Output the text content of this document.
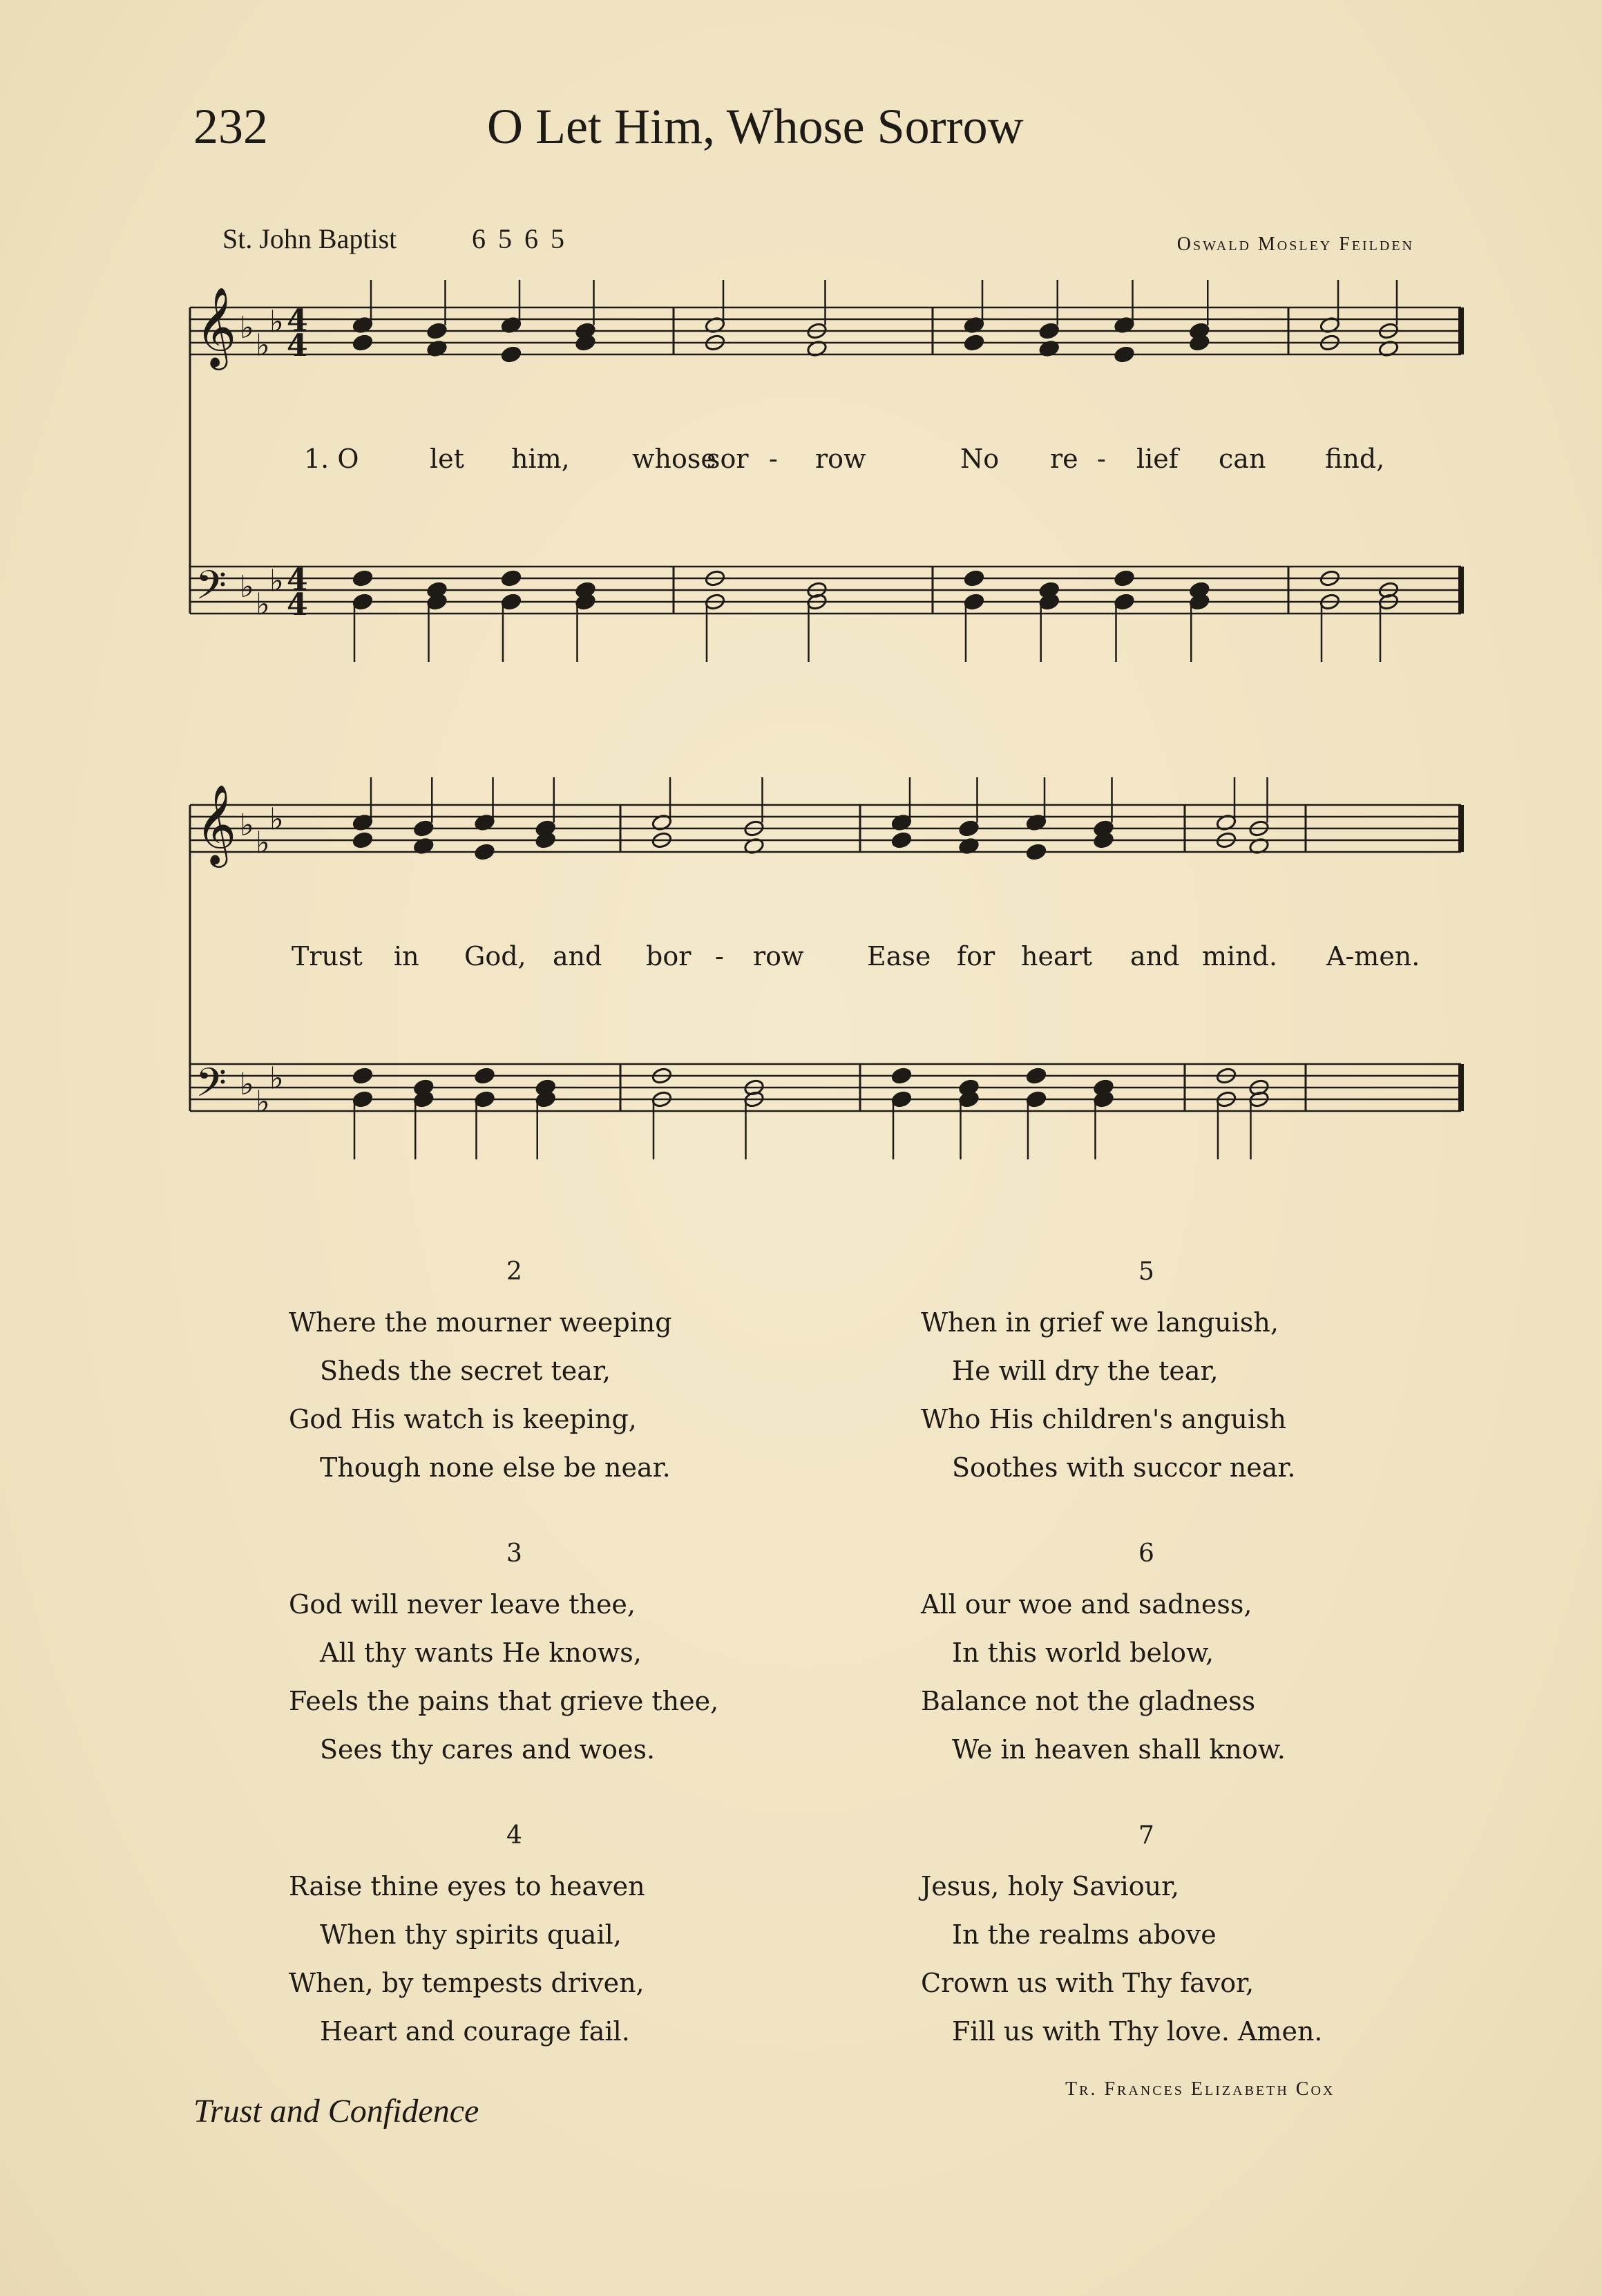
232	O Let Him, Whose Sorrow
St. John Baptist	6 5 6 5	Oswald Mosley Feilden
𝄞 ♭ ♭
♭ 4
4
𝄢 ♭ ♭
♭ 4
4
𝄞 ♭ ♭
♭
𝄢 ♭ ♭
♭
1. O	let him, whose
sor - row	No re - lief can find,
Trust in God, and bor - row Ease for heart and mind. A-men.
2
Where the mourner weeping
Sheds the secret tear,
God His watch is keeping,
Though none else be near.
3
God will never leave thee,
All thy wants He knows,
Feels the pains that grieve thee,
Sees thy cares and woes.
4
Raise thine eyes to heaven
When thy spirits quail,
When, by tempests driven,
Heart and courage fail.
5
When in grief we languish,
He will dry the tear,
Who His children's anguish
Soothes with succor near.
6
All our woe and sadness,
In this world below,
Balance not the gladness
We in heaven shall know.
7
Jesus, holy Saviour,
In the realms above
Crown us with Thy favor,
Fill us with Thy love. Amen.
Tr. Frances Elizabeth Cox
Trust and Confidence
